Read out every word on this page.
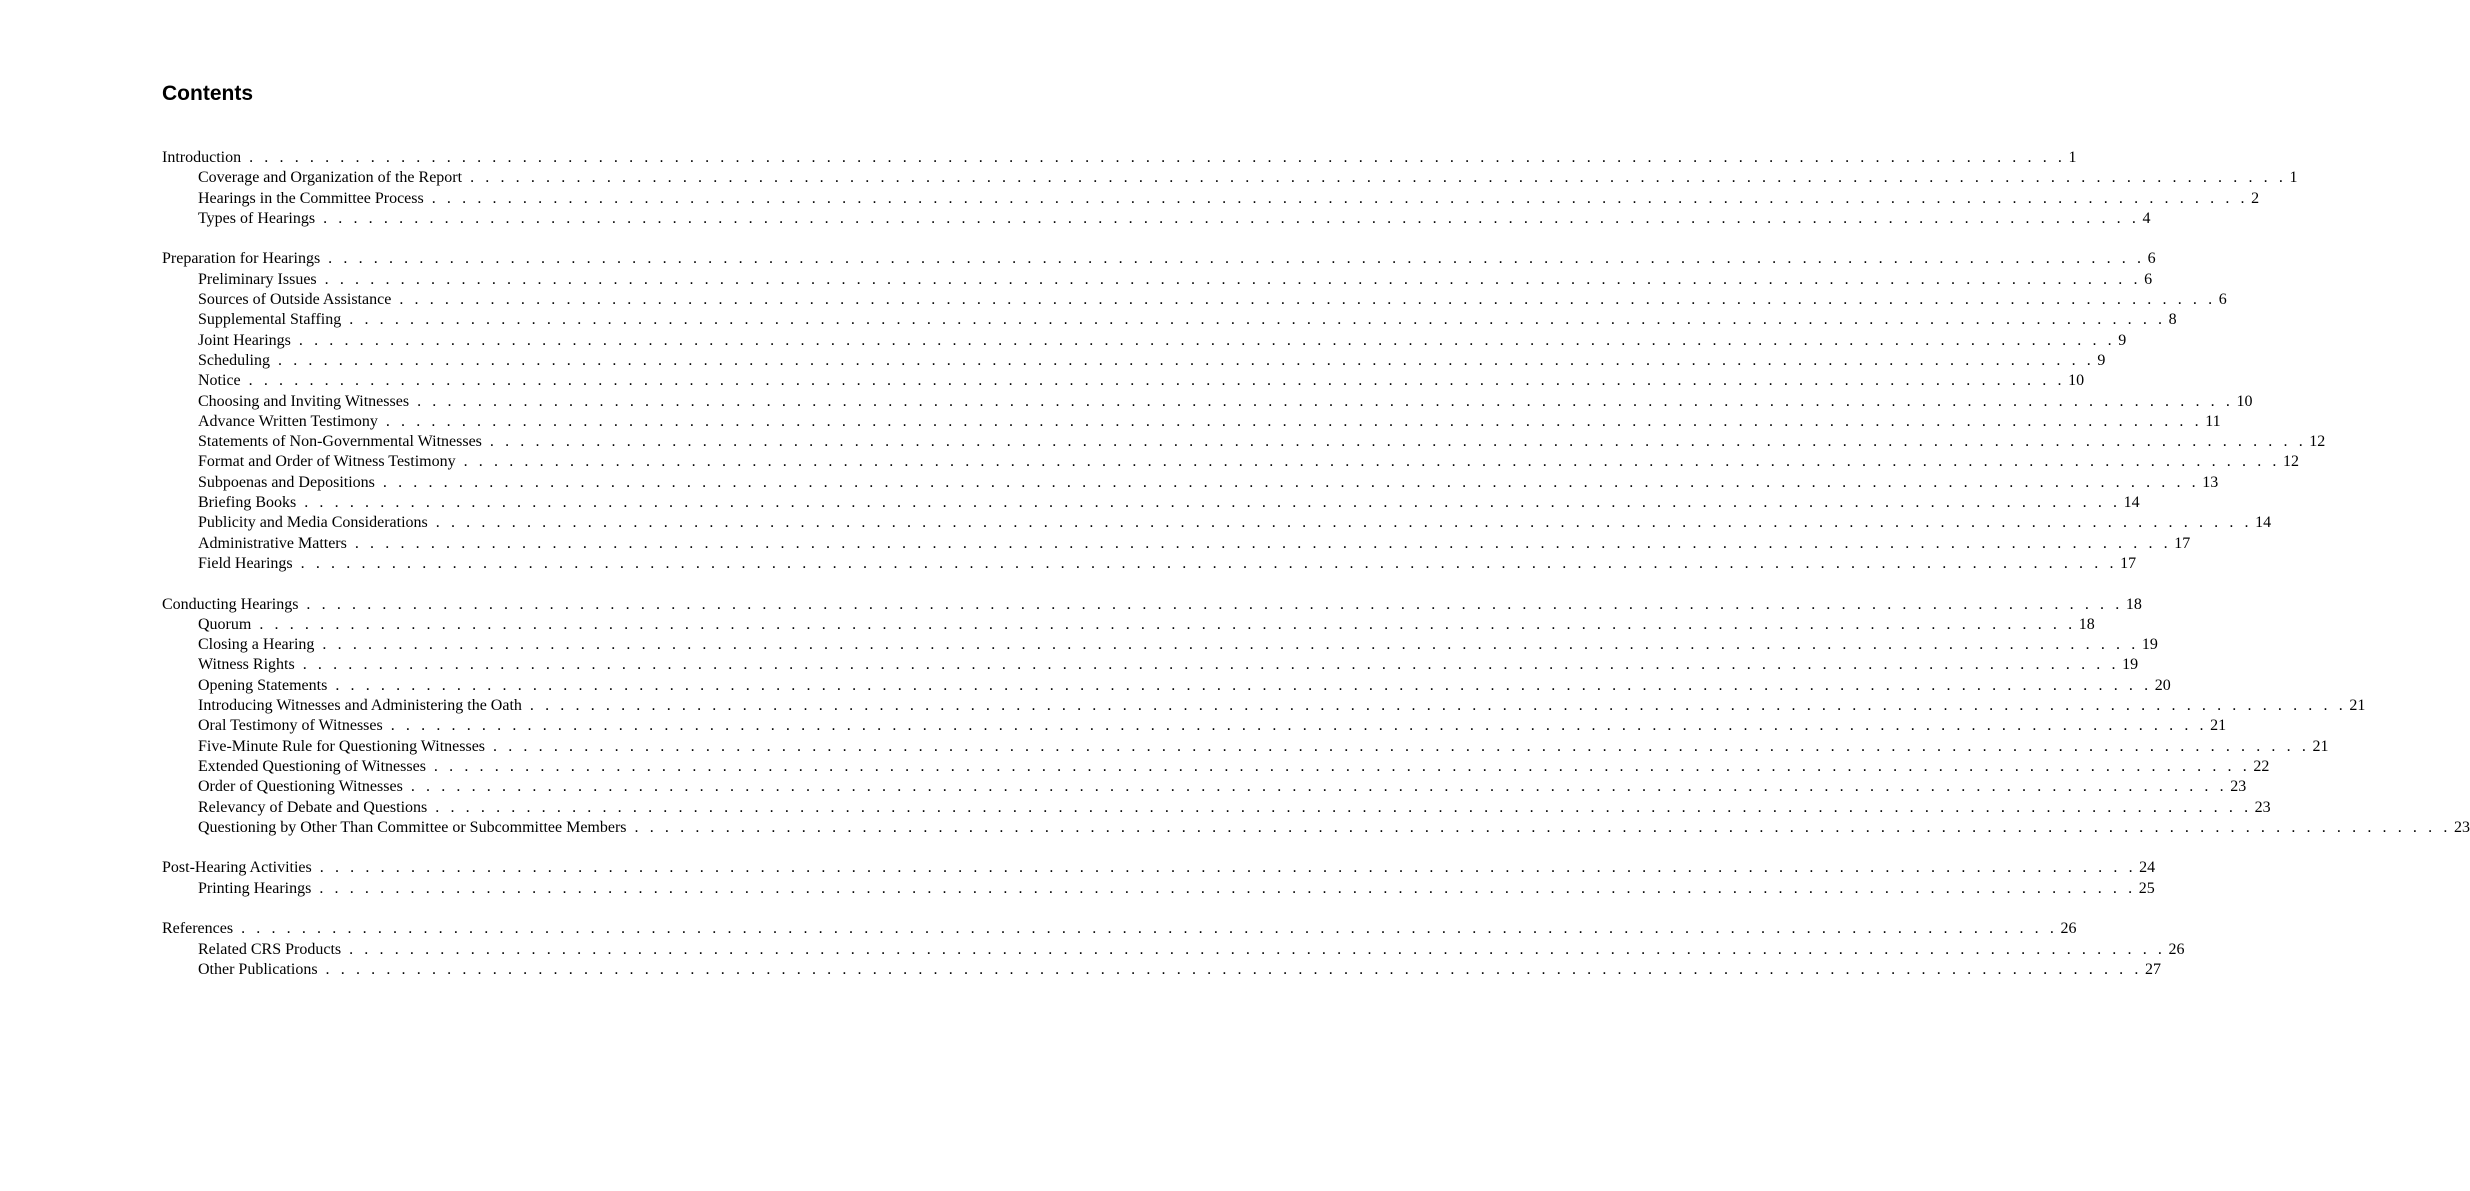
Contents
Introduction . . . . . . . . . . . . . . . . . . . . . . . . . . . . . . . . . . . . . . . . . . . . . . . . . . . . . . . . . . . . . . . . . . . . . . . . . . . . . . . . . . . . . . . . . . . . . . . . . . . . . . . . . . . . . . . . . . . . . . . . 1
Coverage and Organization of the Report . . . . . . . . . . . . . . . . . . . . . . . . . . . . . . . . . . . . . . . . . . . . . . . . . . . . . . . . . . . . . . . . . . . . . . . . . . . . . . . . . . . . . . . . . . . . . . . . . . . . . . . . . . . . . . . . . . . . . . . . 1
Hearings in the Committee Process . . . . . . . . . . . . . . . . . . . . . . . . . . . . . . . . . . . . . . . . . . . . . . . . . . . . . . . . . . . . . . . . . . . . . . . . . . . . . . . . . . . . . . . . . . . . . . . . . . . . . . . . . . . . . . . . . . . . . . . . 2
Types of Hearings . . . . . . . . . . . . . . . . . . . . . . . . . . . . . . . . . . . . . . . . . . . . . . . . . . . . . . . . . . . . . . . . . . . . . . . . . . . . . . . . . . . . . . . . . . . . . . . . . . . . . . . . . . . . . . . . . . . . . . . . 4
Preparation for Hearings . . . . . . . . . . . . . . . . . . . . . . . . . . . . . . . . . . . . . . . . . . . . . . . . . . . . . . . . . . . . . . . . . . . . . . . . . . . . . . . . . . . . . . . . . . . . . . . . . . . . . . . . . . . . . . . . . . . . . . . . 6
Preliminary Issues . . . . . . . . . . . . . . . . . . . . . . . . . . . . . . . . . . . . . . . . . . . . . . . . . . . . . . . . . . . . . . . . . . . . . . . . . . . . . . . . . . . . . . . . . . . . . . . . . . . . . . . . . . . . . . . . . . . . . . . . 6
Sources of Outside Assistance . . . . . . . . . . . . . . . . . . . . . . . . . . . . . . . . . . . . . . . . . . . . . . . . . . . . . . . . . . . . . . . . . . . . . . . . . . . . . . . . . . . . . . . . . . . . . . . . . . . . . . . . . . . . . . . . . . . . . . . . 6
Supplemental Staffing . . . . . . . . . . . . . . . . . . . . . . . . . . . . . . . . . . . . . . . . . . . . . . . . . . . . . . . . . . . . . . . . . . . . . . . . . . . . . . . . . . . . . . . . . . . . . . . . . . . . . . . . . . . . . . . . . . . . . . . . 8
Joint Hearings . . . . . . . . . . . . . . . . . . . . . . . . . . . . . . . . . . . . . . . . . . . . . . . . . . . . . . . . . . . . . . . . . . . . . . . . . . . . . . . . . . . . . . . . . . . . . . . . . . . . . . . . . . . . . . . . . . . . . . . . 9
Scheduling . . . . . . . . . . . . . . . . . . . . . . . . . . . . . . . . . . . . . . . . . . . . . . . . . . . . . . . . . . . . . . . . . . . . . . . . . . . . . . . . . . . . . . . . . . . . . . . . . . . . . . . . . . . . . . . . . . . . . . . . 9
Notice . . . . . . . . . . . . . . . . . . . . . . . . . . . . . . . . . . . . . . . . . . . . . . . . . . . . . . . . . . . . . . . . . . . . . . . . . . . . . . . . . . . . . . . . . . . . . . . . . . . . . . . . . . . . . . . . . . . . . . . . 10
Choosing and Inviting Witnesses . . . . . . . . . . . . . . . . . . . . . . . . . . . . . . . . . . . . . . . . . . . . . . . . . . . . . . . . . . . . . . . . . . . . . . . . . . . . . . . . . . . . . . . . . . . . . . . . . . . . . . . . . . . . . . . . . . . . . . . . 10
Advance Written Testimony . . . . . . . . . . . . . . . . . . . . . . . . . . . . . . . . . . . . . . . . . . . . . . . . . . . . . . . . . . . . . . . . . . . . . . . . . . . . . . . . . . . . . . . . . . . . . . . . . . . . . . . . . . . . . . . . . . . . . . . . 11
Statements of Non-Governmental Witnesses . . . . . . . . . . . . . . . . . . . . . . . . . . . . . . . . . . . . . . . . . . . . . . . . . . . . . . . . . . . . . . . . . . . . . . . . . . . . . . . . . . . . . . . . . . . . . . . . . . . . . . . . . . . . . . . . . . . . . . . . 12
Format and Order of Witness Testimony . . . . . . . . . . . . . . . . . . . . . . . . . . . . . . . . . . . . . . . . . . . . . . . . . . . . . . . . . . . . . . . . . . . . . . . . . . . . . . . . . . . . . . . . . . . . . . . . . . . . . . . . . . . . . . . . . . . . . . . . 12
Subpoenas and Depositions . . . . . . . . . . . . . . . . . . . . . . . . . . . . . . . . . . . . . . . . . . . . . . . . . . . . . . . . . . . . . . . . . . . . . . . . . . . . . . . . . . . . . . . . . . . . . . . . . . . . . . . . . . . . . . . . . . . . . . . . 13
Briefing Books . . . . . . . . . . . . . . . . . . . . . . . . . . . . . . . . . . . . . . . . . . . . . . . . . . . . . . . . . . . . . . . . . . . . . . . . . . . . . . . . . . . . . . . . . . . . . . . . . . . . . . . . . . . . . . . . . . . . . . . . 14
Publicity and Media Considerations . . . . . . . . . . . . . . . . . . . . . . . . . . . . . . . . . . . . . . . . . . . . . . . . . . . . . . . . . . . . . . . . . . . . . . . . . . . . . . . . . . . . . . . . . . . . . . . . . . . . . . . . . . . . . . . . . . . . . . . . 14
Administrative Matters . . . . . . . . . . . . . . . . . . . . . . . . . . . . . . . . . . . . . . . . . . . . . . . . . . . . . . . . . . . . . . . . . . . . . . . . . . . . . . . . . . . . . . . . . . . . . . . . . . . . . . . . . . . . . . . . . . . . . . . . 17
Field Hearings . . . . . . . . . . . . . . . . . . . . . . . . . . . . . . . . . . . . . . . . . . . . . . . . . . . . . . . . . . . . . . . . . . . . . . . . . . . . . . . . . . . . . . . . . . . . . . . . . . . . . . . . . . . . . . . . . . . . . . . . 17
Conducting Hearings . . . . . . . . . . . . . . . . . . . . . . . . . . . . . . . . . . . . . . . . . . . . . . . . . . . . . . . . . . . . . . . . . . . . . . . . . . . . . . . . . . . . . . . . . . . . . . . . . . . . . . . . . . . . . . . . . . . . . . . . 18
Quorum . . . . . . . . . . . . . . . . . . . . . . . . . . . . . . . . . . . . . . . . . . . . . . . . . . . . . . . . . . . . . . . . . . . . . . . . . . . . . . . . . . . . . . . . . . . . . . . . . . . . . . . . . . . . . . . . . . . . . . . . 18
Closing a Hearing . . . . . . . . . . . . . . . . . . . . . . . . . . . . . . . . . . . . . . . . . . . . . . . . . . . . . . . . . . . . . . . . . . . . . . . . . . . . . . . . . . . . . . . . . . . . . . . . . . . . . . . . . . . . . . . . . . . . . . . . 19
Witness Rights . . . . . . . . . . . . . . . . . . . . . . . . . . . . . . . . . . . . . . . . . . . . . . . . . . . . . . . . . . . . . . . . . . . . . . . . . . . . . . . . . . . . . . . . . . . . . . . . . . . . . . . . . . . . . . . . . . . . . . . . 19
Opening Statements . . . . . . . . . . . . . . . . . . . . . . . . . . . . . . . . . . . . . . . . . . . . . . . . . . . . . . . . . . . . . . . . . . . . . . . . . . . . . . . . . . . . . . . . . . . . . . . . . . . . . . . . . . . . . . . . . . . . . . . . 20
Introducing Witnesses and Administering the Oath . . . . . . . . . . . . . . . . . . . . . . . . . . . . . . . . . . . . . . . . . . . . . . . . . . . . . . . . . . . . . . . . . . . . . . . . . . . . . . . . . . . . . . . . . . . . . . . . . . . . . . . . . . . . . . . . . . . . . . . . 21
Oral Testimony of Witnesses . . . . . . . . . . . . . . . . . . . . . . . . . . . . . . . . . . . . . . . . . . . . . . . . . . . . . . . . . . . . . . . . . . . . . . . . . . . . . . . . . . . . . . . . . . . . . . . . . . . . . . . . . . . . . . . . . . . . . . . . 21
Five-Minute Rule for Questioning Witnesses . . . . . . . . . . . . . . . . . . . . . . . . . . . . . . . . . . . . . . . . . . . . . . . . . . . . . . . . . . . . . . . . . . . . . . . . . . . . . . . . . . . . . . . . . . . . . . . . . . . . . . . . . . . . . . . . . . . . . . . . 21
Extended Questioning of Witnesses . . . . . . . . . . . . . . . . . . . . . . . . . . . . . . . . . . . . . . . . . . . . . . . . . . . . . . . . . . . . . . . . . . . . . . . . . . . . . . . . . . . . . . . . . . . . . . . . . . . . . . . . . . . . . . . . . . . . . . . . 22
Order of Questioning Witnesses . . . . . . . . . . . . . . . . . . . . . . . . . . . . . . . . . . . . . . . . . . . . . . . . . . . . . . . . . . . . . . . . . . . . . . . . . . . . . . . . . . . . . . . . . . . . . . . . . . . . . . . . . . . . . . . . . . . . . . . . 23
Relevancy of Debate and Questions . . . . . . . . . . . . . . . . . . . . . . . . . . . . . . . . . . . . . . . . . . . . . . . . . . . . . . . . . . . . . . . . . . . . . . . . . . . . . . . . . . . . . . . . . . . . . . . . . . . . . . . . . . . . . . . . . . . . . . . . 23
Questioning by Other Than Committee or Subcommittee Members . . . . . . . . . . . . . . . . . . . . . . . . . . . . . . . . . . . . . . . . . . . . . . . . . . . . . . . . . . . . . . . . . . . . . . . . . . . . . . . . . . . . . . . . . . . . . . . . . . . . . . . . . . . . . . . . . . . . . . . . 23
Post-Hearing Activities . . . . . . . . . . . . . . . . . . . . . . . . . . . . . . . . . . . . . . . . . . . . . . . . . . . . . . . . . . . . . . . . . . . . . . . . . . . . . . . . . . . . . . . . . . . . . . . . . . . . . . . . . . . . . . . . . . . . . . . . 24
Printing Hearings . . . . . . . . . . . . . . . . . . . . . . . . . . . . . . . . . . . . . . . . . . . . . . . . . . . . . . . . . . . . . . . . . . . . . . . . . . . . . . . . . . . . . . . . . . . . . . . . . . . . . . . . . . . . . . . . . . . . . . . . 25
References . . . . . . . . . . . . . . . . . . . . . . . . . . . . . . . . . . . . . . . . . . . . . . . . . . . . . . . . . . . . . . . . . . . . . . . . . . . . . . . . . . . . . . . . . . . . . . . . . . . . . . . . . . . . . . . . . . . . . . . . 26
Related CRS Products . . . . . . . . . . . . . . . . . . . . . . . . . . . . . . . . . . . . . . . . . . . . . . . . . . . . . . . . . . . . . . . . . . . . . . . . . . . . . . . . . . . . . . . . . . . . . . . . . . . . . . . . . . . . . . . . . . . . . . . . 26
Other Publications . . . . . . . . . . . . . . . . . . . . . . . . . . . . . . . . . . . . . . . . . . . . . . . . . . . . . . . . . . . . . . . . . . . . . . . . . . . . . . . . . . . . . . . . . . . . . . . . . . . . . . . . . . . . . . . . . . . . . . . . 27
